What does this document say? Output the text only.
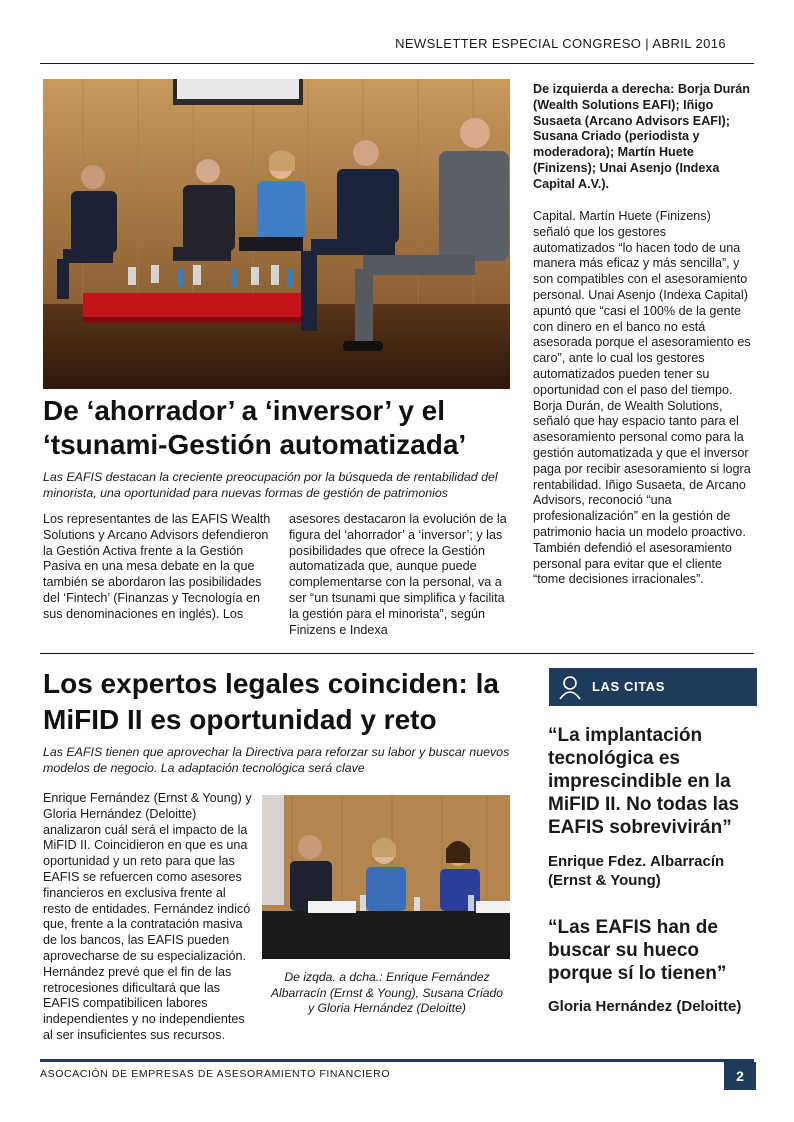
NEWSLETTER ESPECIAL CONGRESO | ABRIL 2016
De izquierda a derecha: Borja Durán (Wealth Solutions EAFI); Iñigo Susaeta (Arcano Advisors EAFI); Susana Criado (periodista y moderadora); Martín Huete (Finizens); Unai Asenjo (Indexa Capital A.V.).
De ‘ahorrador’ a ‘inversor’ y el ‘tsunami-Gestión automatizada’
Las EAFIS destacan la creciente preocupación por la búsqueda de rentabilidad del minorista, una oportunidad para nuevas formas de gestión de patrimonios
Los representantes de las EAFIS Wealth Solutions y Arcano Advisors defendieron la Gestión Activa frente a la Gestión Pasiva en una mesa debate en la que también se abordaron las posibilidades del ‘Fintech’ (Finanzas y Tecnología en sus denominaciones en inglés). Los
asesores destacaron la evolución de la figura del ‘ahorrador’ a ‘inversor’; y las posibilidades que ofrece la Gestión automatizada que, aunque puede complementarse con la personal, va a ser “un tsunami que simplifica y facilita la gestión para el minorista”, según Finizens e Indexa
Capital. Martín Huete (Finizens) señaló que los gestores automatizados “lo hacen todo de una manera más eficaz y más sencilla”, y son compatibles con el asesoramiento personal. Unai Asenjo (Indexa Capital) apuntó que “casi el 100% de la gente con dinero en el banco no está asesorada porque el asesoramiento es caro”, ante lo cual los gestores automatizados pueden tener su oportunidad con el paso del tiempo. Borja Durán, de Wealth Solutions, señaló que hay espacio tanto para el asesoramiento personal como para la gestión automatizada y que el inversor paga por recibir asesoramiento si logra rentabilidad. Iñigo Susaeta, de Arcano Advisors, reconoció “una profesionalización” en la gestión de patrimonio hacia un modelo proactivo. También defendió el asesoramiento personal para evitar que el cliente “tome decisiones irracionales”.
Los expertos legales coinciden: la MiFID II es oportunidad y reto
Las EAFIS tienen que aprovechar la Directiva para reforzar su labor y buscar nuevos modelos de negocio. La adaptación tecnológica será clave
Enrique Fernández (Ernst & Young) y Gloria Hernández (Deloitte) analizaron cuál será el impacto de la MiFID II. Coincidieron en que es una oportunidad y un reto para que las EAFIS se refuercen como asesores financieros en exclusiva frente al resto de entidades. Fernández indicó que, frente a la contratación masiva de los bancos, las EAFIS pueden aprovecharse de su especialización. Hernández prevé que el fin de las retrocesiones dificultará que las EAFIS compatibilicen labores independientes y no independientes al ser insuficientes sus recursos.
De izqda. a dcha.: Enrique Fernández Albarracín (Ernst & Young), Susana Criado y Gloria Hernández (Deloitte)
LAS CITAS
“La implantación tecnológica es imprescindible en la MiFID II. No todas las EAFIS sobrevivirán”
Enrique Fdez. Albarracín (Ernst & Young)
“Las EAFIS han de buscar su hueco porque sí lo tienen”
Gloria Hernández (Deloitte)
ASOCACIÓN DE EMPRESAS DE ASESORAMIENTO FINANCIERO	2
